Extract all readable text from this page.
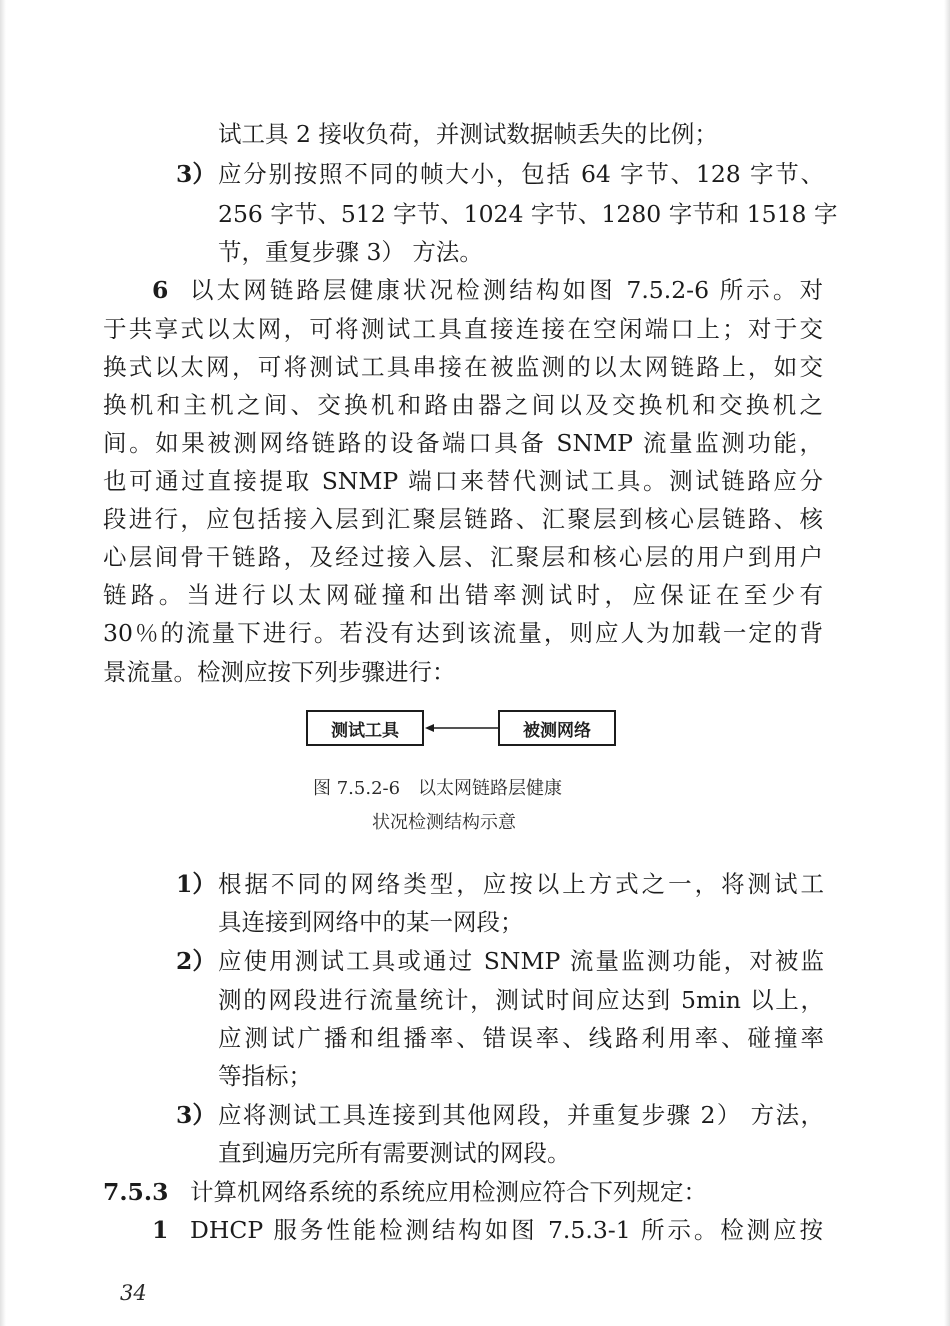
试工具 2 接收负荷，并测试数据帧丢失的比例；

3） 应分别按照不同的帧大小，包括 64 字节、128 字节、

256 字节、512 字节、1024 字节、1280 字节和 1518 字

节，重复步骤 3） 方法。

6 以太网链路层健康状况检测结构如图 7.5.2-6 所示。对

于共享式以太网，可将测试工具直接连接在空闲端口上；对于交

换式以太网，可将测试工具串接在被监测的以太网链路上，如交

换机和主机之间、交换机和路由器之间以及交换机和交换机之

间。如果被测网络链路的设备端口具备 SNMP 流量监测功能，

也可通过直接提取 SNMP 端口来替代测试工具。测试链路应分

段进行，应包括接入层到汇聚层链路、汇聚层到核心层链路、核

心层间骨干链路，及经过接入层、汇聚层和核心层的用户到用户

链路。当进行以太网碰撞和出错率测试时，应保证在至少有

30％的流量下进行。若没有达到该流量，则应人为加载一定的背

景流量。检测应按下列步骤进行：

测试工具	被测网络

图 7.5.2-6　以太网链路层健康

状况检测结构示意

1） 根据不同的网络类型，应按以上方式之一，将测试工

具连接到网络中的某一网段；

2） 应使用测试工具或通过 SNMP 流量监测功能，对被监

测的网段进行流量统计，测试时间应达到 5min 以上，

应测试广播和组播率、错误率、线路利用率、碰撞率

等指标；

3） 应将测试工具连接到其他网段，并重复步骤 2） 方法，

直到遍历完所有需要测试的网段。

7.5.3 计算机网络系统的系统应用检测应符合下列规定：

1 DHCP 服务性能检测结构如图 7.5.3-1 所示。检测应按

34
